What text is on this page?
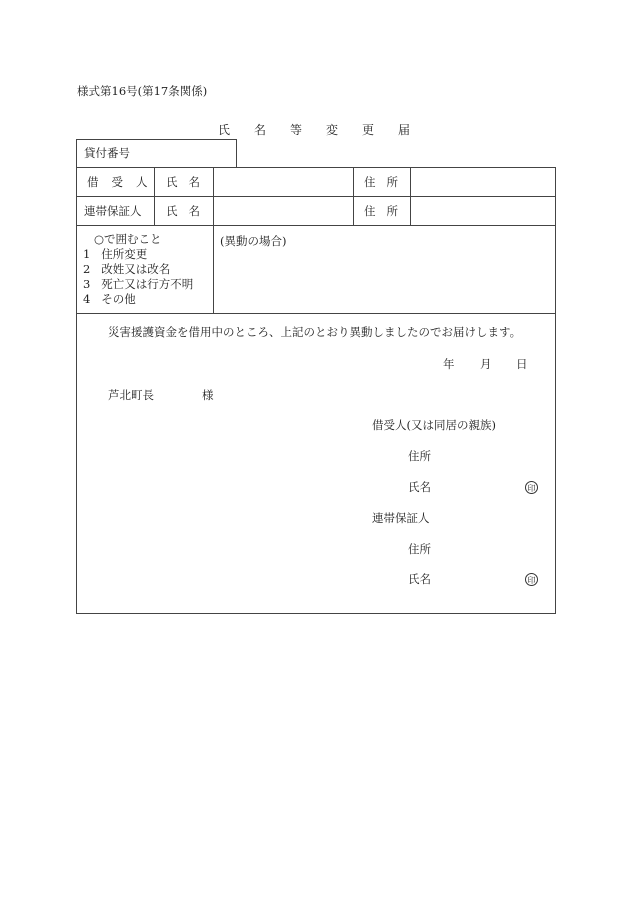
様式第16号(第17条関係)
氏名等変更届
貸付番号
借受人 氏名	住所
連帯保証人 氏名	住所
○で囲むこと
1 住所変更
2 改姓又は改名
3 死亡又は行方不明
4 その他
(異動の場合)
災害援護資金を借用中のところ、上記のとおり異動しましたのでお届けします。
年 月 日
芦北町長	様
借受人(又は同居の親族)
住所
氏名	印
連帯保証人
住所
氏名	印
